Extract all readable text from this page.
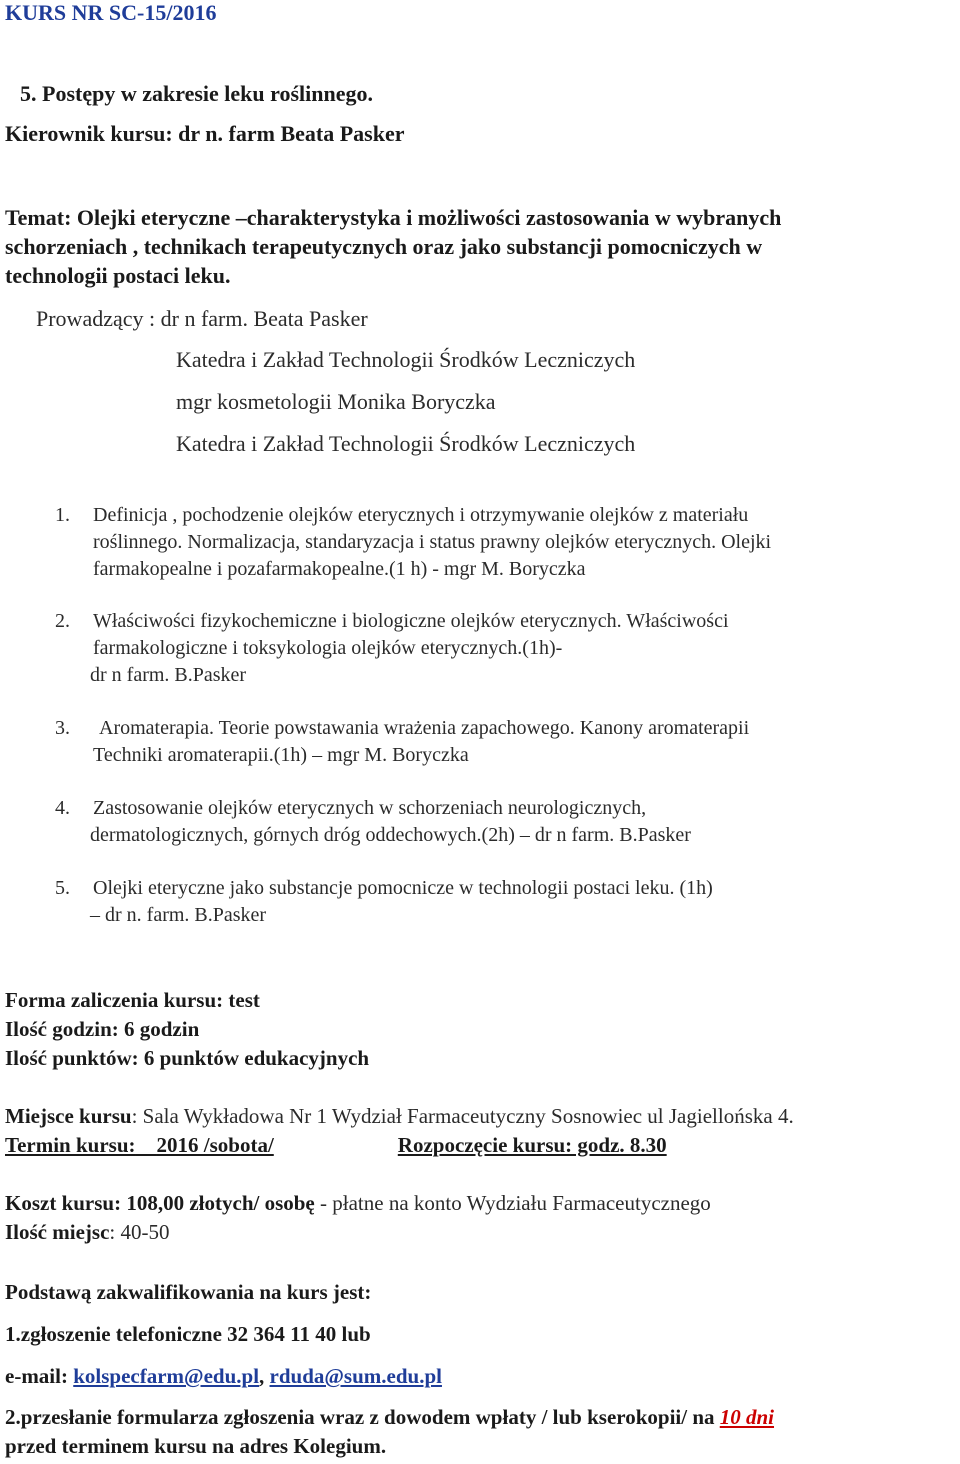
KURS NR SC-15/2016
5. Postępy w zakresie leku roślinnego.
Kierownik kursu: dr n. farm Beata Pasker
Temat: Olejki eteryczne –charakterystyka i możliwości zastosowania w wybranych
schorzeniach , technikach terapeutycznych oraz jako substancji pomocniczych w
technologii postaci leku.
Prowadzący : dr n farm. Beata Pasker
Katedra i Zakład Technologii Środków Leczniczych
mgr kosmetologii Monika Boryczka
Katedra i Zakład Technologii Środków Leczniczych
1. Definicja , pochodzenie olejków eterycznych i otrzymywanie olejków z materiału
roślinnego. Normalizacja, standaryzacja i status prawny olejków eterycznych. Olejki
farmakopealne i pozafarmakopealne.(1 h) - mgr M. Boryczka
2. Właściwości fizykochemiczne i biologiczne olejków eterycznych. Właściwości
farmakologiczne i toksykologia olejków eterycznych.(1h)-
dr n farm. B.Pasker
3. Aromaterapia. Teorie powstawania wrażenia zapachowego. Kanony aromaterapii
Techniki aromaterapii.(1h) – mgr M. Boryczka
4. Zastosowanie olejków eterycznych w schorzeniach neurologicznych,
dermatologicznych, górnych dróg oddechowych.(2h) – dr n farm. B.Pasker
5. Olejki eteryczne jako substancje pomocnicze w technologii postaci leku. (1h)
– dr n. farm. B.Pasker
Forma zaliczenia kursu: test
Ilość godzin: 6 godzin
Ilość punktów: 6 punktów edukacyjnych
Miejsce kursu: Sala Wykładowa Nr 1 Wydział Farmaceutyczny Sosnowiec ul Jagiellońska 4.
Termin kursu: 2016 /sobota/	Rozpoczęcie kursu: godz. 8.30
Koszt kursu: 108,00 złotych/ osobę - płatne na konto Wydziału Farmaceutycznego
Ilość miejsc: 40-50
Podstawą zakwalifikowania na kurs jest:
1.zgłoszenie telefoniczne 32 364 11 40 lub
e-mail: kolspecfarm@edu.pl, rduda@sum.edu.pl
2.przesłanie formularza zgłoszenia wraz z dowodem wpłaty / lub kserokopii/ na 10 dni
przed terminem kursu na adres Kolegium.
